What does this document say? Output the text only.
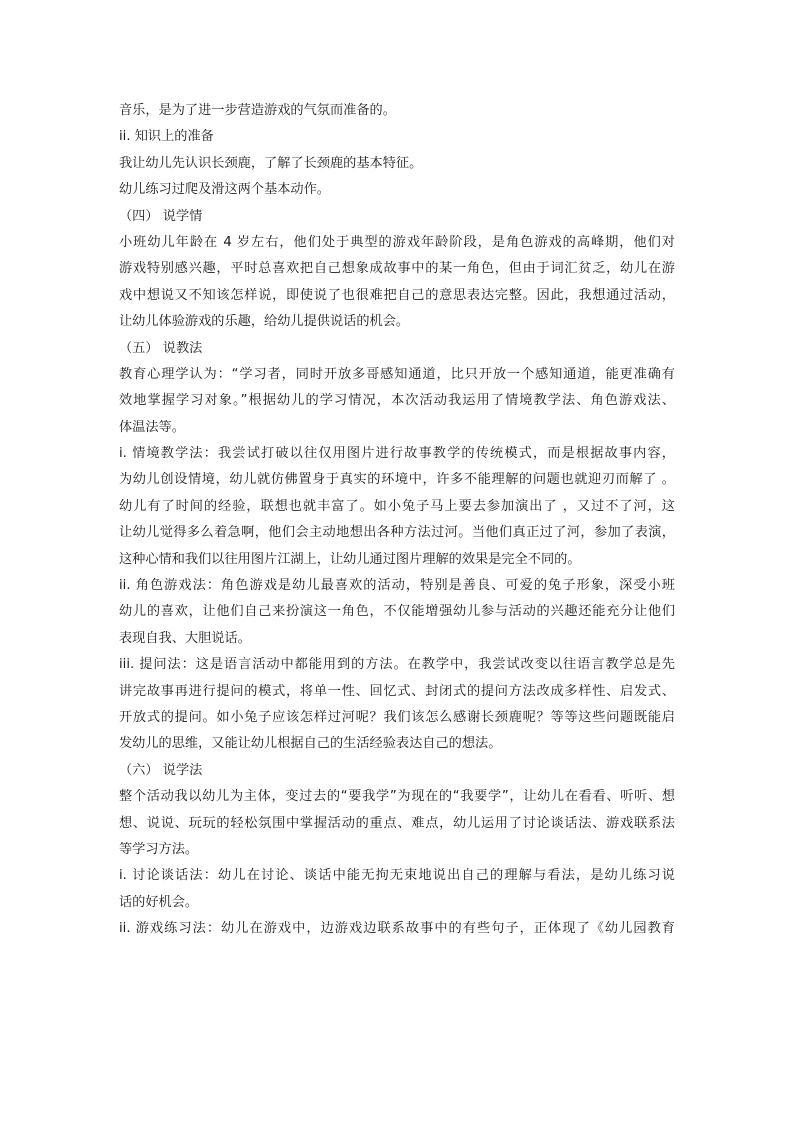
音乐，是为了进一步营造游戏的气氛而准备的。
ii. 知识上的准备
我让幼儿先认识长颈鹿，了解了长颈鹿的基本特征。
幼儿练习过爬及滑这两个基本动作。
（四） 说学情
小班幼儿年龄在 4 岁左右，他们处于典型的游戏年龄阶段，是角色游戏的高峰期，他们对
游戏特别感兴趣，平时总喜欢把自己想象成故事中的某一角色，但由于词汇贫乏，幼儿在游
戏中想说又不知该怎样说，即使说了也很难把自己的意思表达完整。因此，我想通过活动，
让幼儿体验游戏的乐趣，给幼儿提供说话的机会。
（五） 说教法
教育心理学认为：“学习者，同时开放多哥感知通道，比只开放一个感知通道，能更准确有
效地掌握学习对象。”根据幼儿的学习情况，本次活动我运用了情境教学法、角色游戏法、
体温法等。
i. 情境教学法：我尝试打破以往仅用图片进行故事教学的传统模式，而是根据故事内容，
为幼儿创设情境，幼儿就仿佛置身于真实的环境中，许多不能理解的问题也就迎刃而解了 。
幼儿有了时间的经验，联想也就丰富了。如小兔子马上要去参加演出了 ，又过不了河，这
让幼儿觉得多么着急啊，他们会主动地想出各种方法过河。当他们真正过了河，参加了表演，
这种心情和我们以往用图片江湖上，让幼儿通过图片理解的效果是完全不同的。
ii. 角色游戏法：角色游戏是幼儿最喜欢的活动，特别是善良、可爱的兔子形象，深受小班
幼儿的喜欢，让他们自己来扮演这一角色，不仅能增强幼儿参与活动的兴趣还能充分让他们
表现自我、大胆说话。
iii. 提问法：这是语言活动中都能用到的方法。在教学中，我尝试改变以往语言教学总是先
讲完故事再进行提问的模式，将单一性、回忆式、封闭式的提问方法改成多样性、启发式、
开放式的提问。如小兔子应该怎样过河呢？我们该怎么感谢长颈鹿呢？等等这些问题既能启
发幼儿的思维，又能让幼儿根据自己的生活经验表达自己的想法。
（六） 说学法
整个活动我以幼儿为主体，变过去的“要我学”为现在的“我要学”，让幼儿在看看、听听、想
想、说说、玩玩的轻松氛围中掌握活动的重点、难点，幼儿运用了讨论谈话法、游戏联系法
等学习方法。
i. 讨论谈话法：幼儿在讨论、谈话中能无拘无束地说出自己的理解与看法，是幼儿练习说
话的好机会。
ii. 游戏练习法：幼儿在游戏中，边游戏边联系故事中的有些句子，正体现了《幼儿园教育
